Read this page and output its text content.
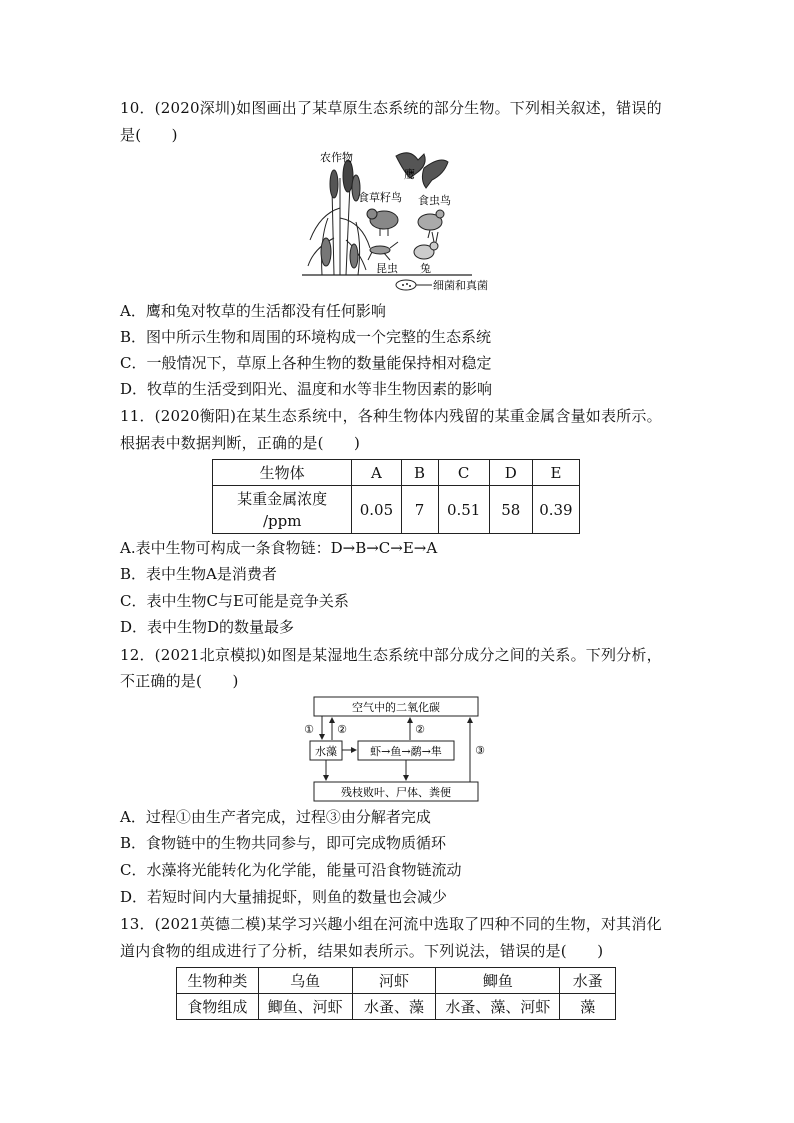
10．(2020深圳)如图画出了某草原生态系统的部分生物。下列相关叙述，错误的
是(　　)
农作物
鹰
食草籽鸟 食虫鸟
昆虫 兔
细菌和真菌
A．鹰和兔对牧草的生活都没有任何影响
B．图中所示生物和周围的环境构成一个完整的生态系统
C．一般情况下，草原上各种生物的数量能保持相对稳定
D．牧草的生活受到阳光、温度和水等非生物因素的影响
11．(2020衡阳)在某生态系统中，各种生物体内残留的某重金属含量如表所示。
根据表中数据判断，正确的是(　　)
生物体	A	B	C	D	E

某重金属浓度
/ppm	0.05	7	0.51	58	0.39
A.表中生物可构成一条食物链：D→B→C→E→A
B．表中生物A是消费者
C．表中生物C与E可能是竞争关系
D．表中生物D的数量最多
12．(2021北京模拟)如图是某湿地生态系统中部分成分之间的关系。下列分析，
不正确的是(　　)
空气中的二氧化碳
水藻	虾→鱼→鹬→隼
残枝败叶、尸体、粪便
① ②	②
③
A．过程①由生产者完成，过程③由分解者完成
B．食物链中的生物共同参与，即可完成物质循环
C．水藻将光能转化为化学能，能量可沿食物链流动
D．若短时间内大量捕捉虾，则鱼的数量也会减少
13．(2021英德二模)某学习兴趣小组在河流中选取了四种不同的生物，对其消化
道内食物的组成进行了分析，结果如表所示。下列说法，错误的是(　　)
生物种类	乌鱼	河虾	鲫鱼	水蚤
食物组成	鲫鱼、河虾	水蚤、藻	水蚤、藻、河虾	藻
